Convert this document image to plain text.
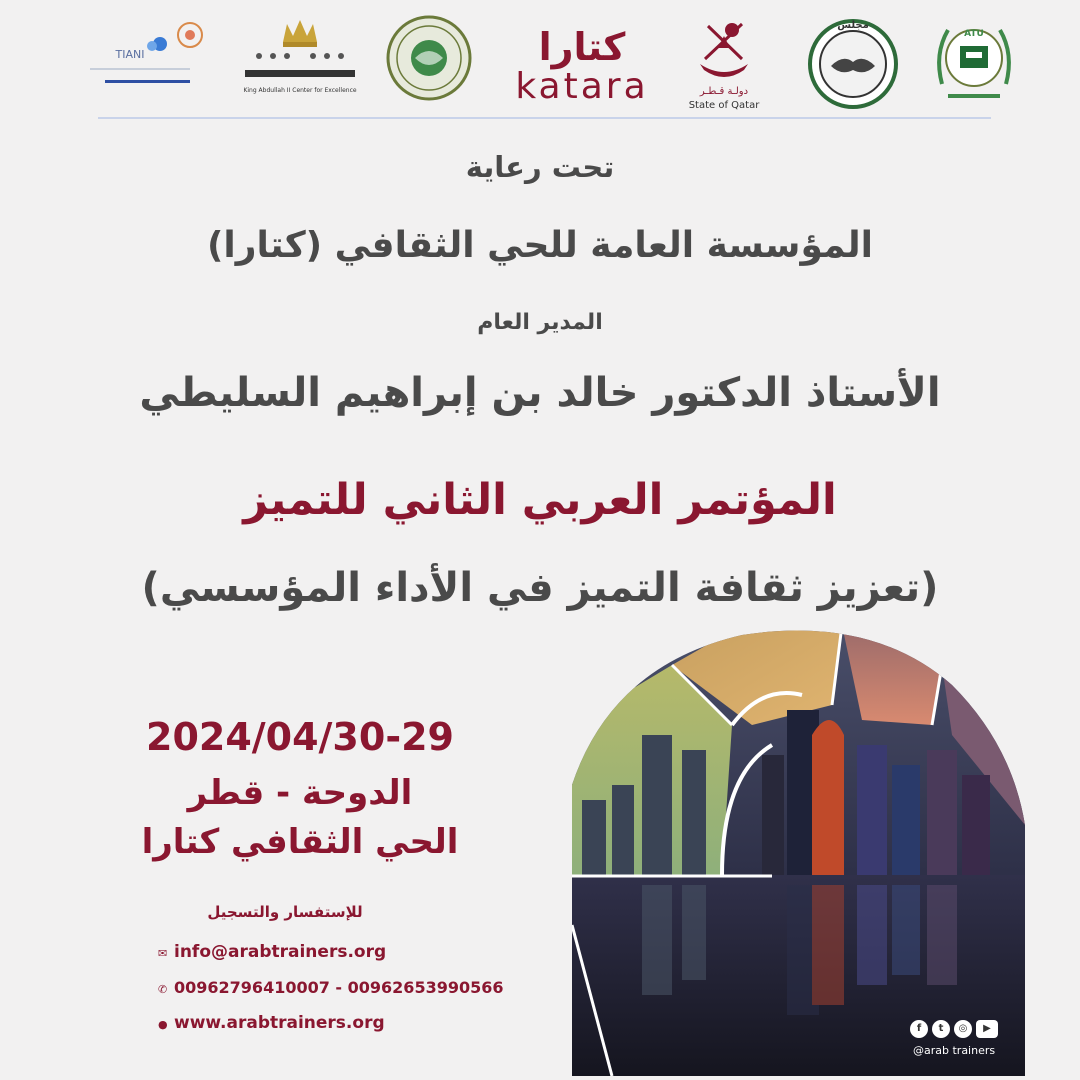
TIANI
King Abdullah II Center for Excellence
كتارا
katara	دولـة قـطـر
State of Qatar
مجلس
ATU
تحت رعاية
المؤسسة العامة للحي الثقافي (كتارا)
المدير العام
الأستاذ الدكتور خالد بن إبراهيم السليطي
المؤتمر العربي الثاني للتميز
(تعزيز ثقافة التميز في الأداء المؤسسي)
2024/04/30-29
الدوحة - قطر
الحي الثقافي كتارا
للإستفسار والتسجيل
✉ info@arabtrainers.org
✆ 00962796410007 - 00962653990566
● www.arabtrainers.org	f	t	◎	▶
@arab trainers
